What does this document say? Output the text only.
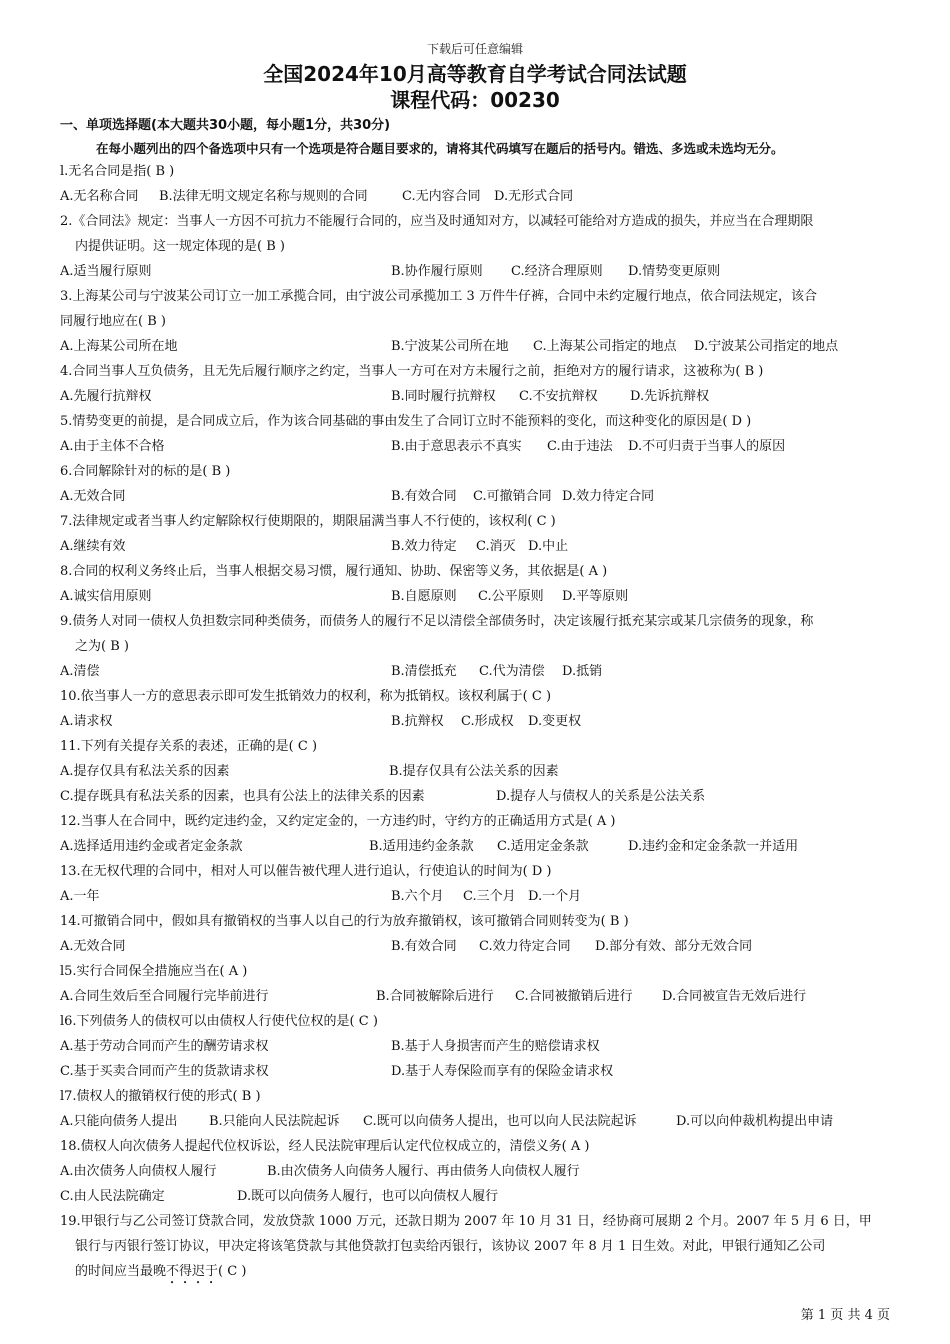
下载后可任意编辑
全国2024年10月高等教育自学考试合同法试题
课程代码：00230
一、单项选择题(本大题共30小题，每小题1分，共30分)
在每小题列出的四个备选项中只有一个选项是符合题目要求的，请将其代码填写在题后的括号内。错选、多选或未选均无分。
l.无名合同是指( B )
A.无名称合同 B.法律无明文规定名称与规则的合同	C.无内容合同 D.无形式合同
2.《合同法》规定：当事人一方因不可抗力不能履行合同的，应当及时通知对方，以减轻可能给对方造成的损失，并应当在合理期限
内提供证明。这一规定体现的是( B )
A.适当履行原则	B.协作履行原则 C.经济合理原则 D.情势变更原则
3.上海某公司与宁波某公司订立一加工承揽合同，由宁波公司承揽加工 3 万件牛仔裤，合同中未约定履行地点，依合同法规定，该合
同履行地应在( B )
A.上海某公司所在地	B.宁波某公司所在地 C.上海某公司指定的地点 D.宁波某公司指定的地点
4.合同当事人互负债务，且无先后履行顺序之约定，当事人一方可在对方未履行之前，拒绝对方的履行请求，这被称为( B )
A.先履行抗辩权	B.同时履行抗辩权 C.不安抗辩权 D.先诉抗辩权
5.情势变更的前提，是合同成立后，作为该合同基础的事由发生了合同订立时不能预料的变化，而这种变化的原因是( D )
A.由于主体不合格	B.由于意思表示不真实 C.由于违法 D.不可归责于当事人的原因
6.合同解除针对的标的是( B )
A.无效合同	B.有效合同 C.可撤销合同 D.效力待定合同
7.法律规定或者当事人约定解除权行使期限的，期限届满当事人不行使的，该权利( C )
A.继续有效	B.效力待定 C.消灭 D.中止
8.合同的权利义务终止后，当事人根据交易习惯，履行通知、协助、保密等义务，其依据是( A )
A.诚实信用原则	B.自愿原则 C.公平原则 D.平等原则
9.债务人对同一债权人负担数宗同种类债务，而债务人的履行不足以清偿全部债务时，决定该履行抵充某宗或某几宗债务的现象，称
之为( B )
A.清偿	B.清偿抵充 C.代为清偿 D.抵销
10.依当事人一方的意思表示即可发生抵销效力的权利，称为抵销权。该权利属于( C )
A.请求权	B.抗辩权 C.形成权 D.变更权
11.下列有关提存关系的表述，正确的是( C )
A.提存仅具有私法关系的因素	B.提存仅具有公法关系的因素
C.提存既具有私法关系的因素，也具有公法上的法律关系的因素	D.提存人与债权人的关系是公法关系
12.当事人在合同中，既约定违约金，又约定定金的，一方违约时，守约方的正确适用方式是( A )
A.选择适用违约金或者定金条款	B.适用违约金条款 C.适用定金条款	D.违约金和定金条款一并适用
13.在无权代理的合同中，相对人可以催告被代理人进行追认，行使追认的时间为( D )
A.一年	B.六个月 C.三个月 D.一个月
14.可撤销合同中，假如具有撤销权的当事人以自己的行为放弃撤销权，该可撤销合同则转变为( B )
A.无效合同	B.有效合同 C.效力待定合同 D.部分有效、部分无效合同
l5.实行合同保全措施应当在( A )
A.合同生效后至合同履行完毕前进行	B.合同被解除后进行 C.合同被撤销后进行 D.合同被宣告无效后进行
l6.下列债务人的债权可以由债权人行使代位权的是( C )
A.基于劳动合同而产生的酬劳请求权	B.基于人身损害而产生的赔偿请求权
C.基于买卖合同而产生的货款请求权	D.基于人寿保险而享有的保险金请求权
l7.债权人的撤销权行使的形式( B )
A.只能向债务人提出 B.只能向人民法院起诉 C.既可以向债务人提出，也可以向人民法院起诉	D.可以向仲裁机构提出申请
18.债权人向次债务人提起代位权诉讼，经人民法院审理后认定代位权成立的，清偿义务( A )
A.由次债务人向债权人履行	B.由次债务人向债务人履行、再由债务人向债权人履行
C.由人民法院确定	D.既可以向债务人履行，也可以向债权人履行
19.甲银行与乙公司签订贷款合同，发放贷款 1000 万元，还款日期为 2007 年 10 月 31 日，经协商可展期 2 个月。2007 年 5 月 6 日，甲
银行与丙银行签订协议，甲决定将该笔贷款与其他贷款打包卖给丙银行，该协议 2007 年 8 月 1 日生效。对此，甲银行通知乙公司
的时间应当最晚不得迟于( C )
第 1 页 共 4 页
